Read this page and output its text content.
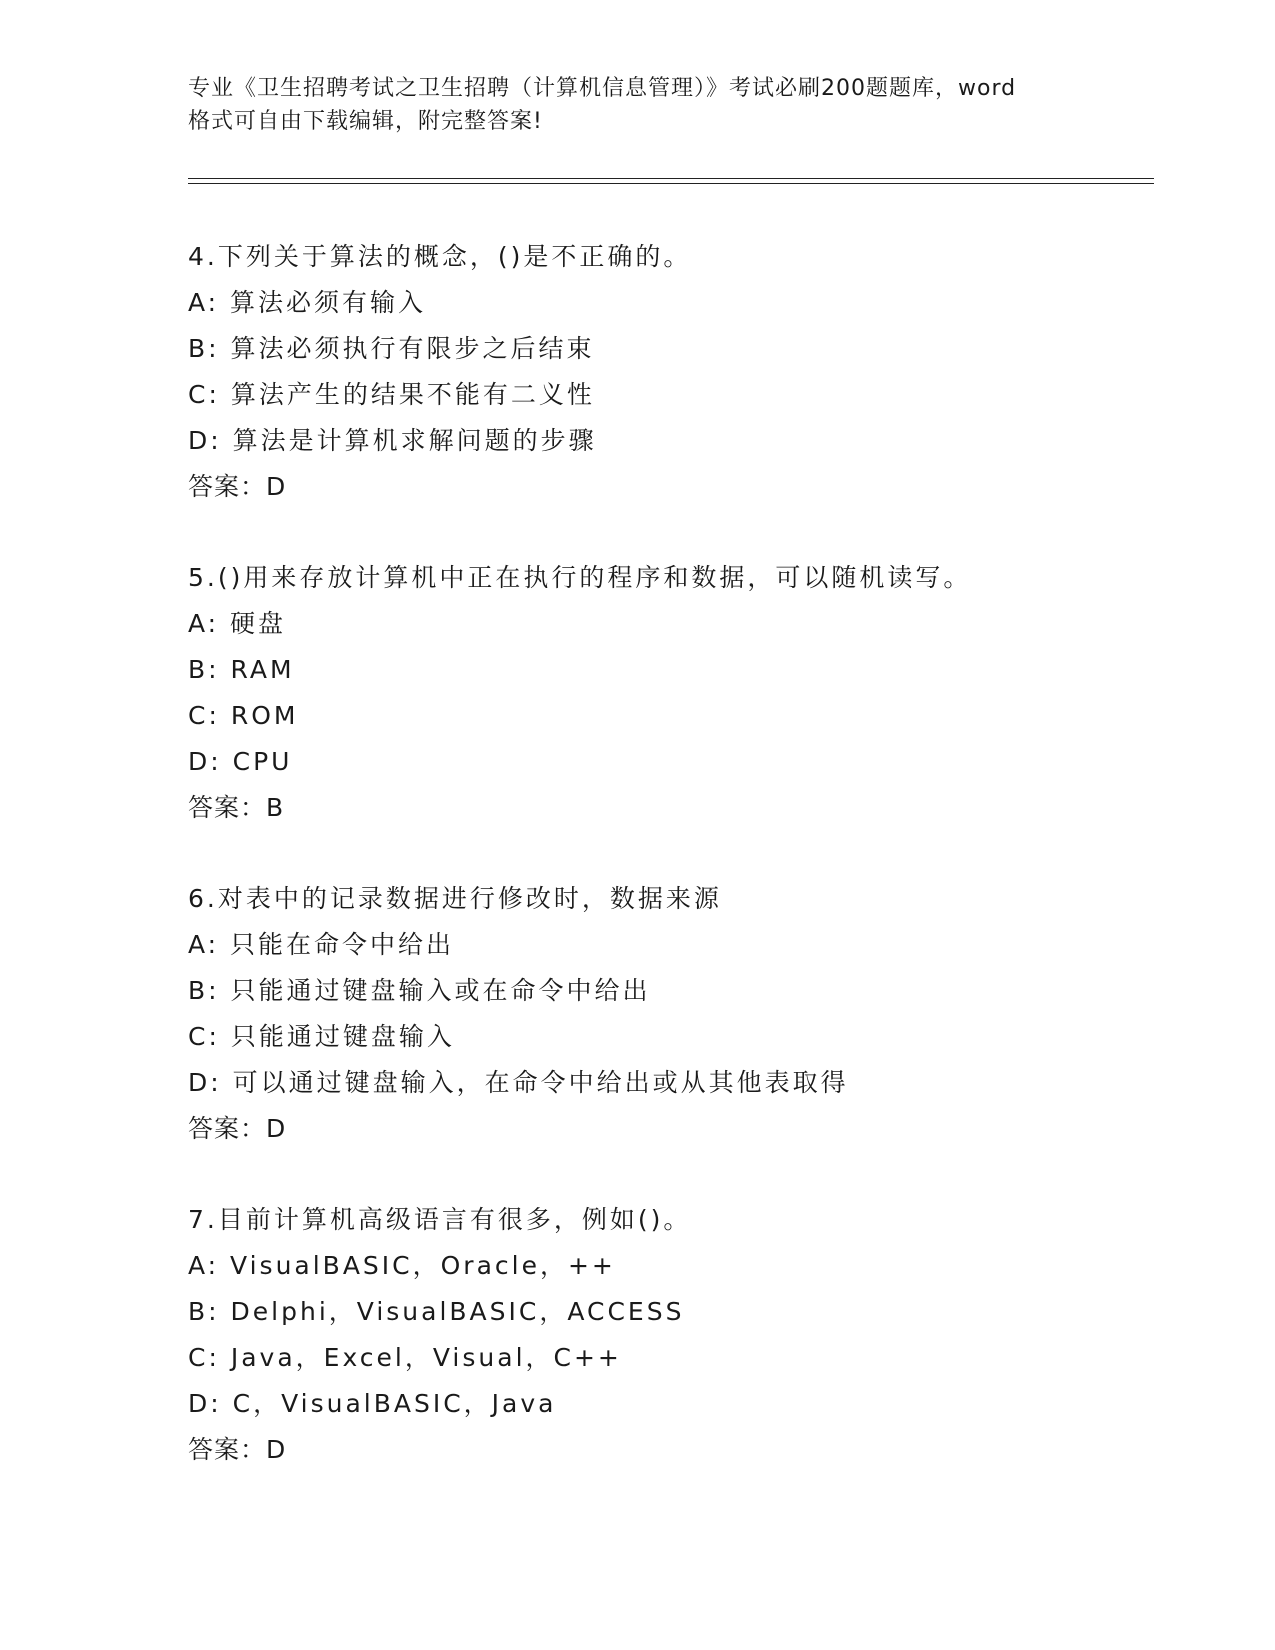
专业《卫生招聘考试之卫生招聘（计算机信息管理）》考试必刷200题题库，word
格式可自由下载编辑，附完整答案!
4.下列关于算法的概念，()是不正确的。
A: 算法必须有输入
B: 算法必须执行有限步之后结束
C: 算法产生的结果不能有二义性
D: 算法是计算机求解问题的步骤
答案：D
5.()用来存放计算机中正在执行的程序和数据，可以随机读写。
A: 硬盘
B: RAM
C: ROM
D: CPU
答案：B
6.对表中的记录数据进行修改时，数据来源
A: 只能在命令中给出
B: 只能通过键盘输入或在命令中给出
C: 只能通过键盘输入
D: 可以通过键盘输入，在命令中给出或从其他表取得
答案：D
7.目前计算机高级语言有很多，例如()。
A: VisualBASIC，Oracle，++
B: Delphi，VisualBASIC，ACCESS
C: Java，Excel，Visual，C++
D: C，VisualBASIC，Java
答案：D
